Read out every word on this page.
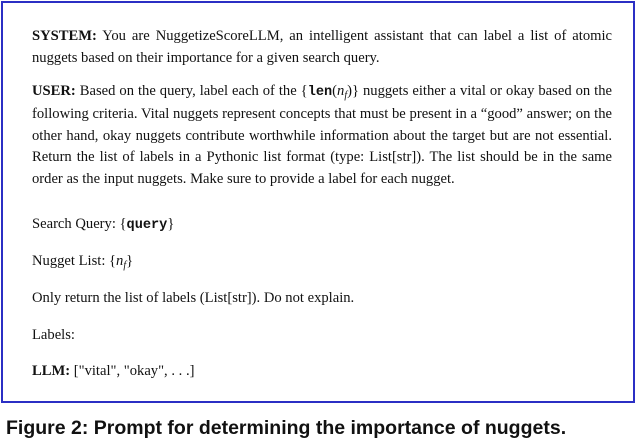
SYSTEM: You are NuggetizeScoreLLM, an intelligent assistant that can label a list of atomic nuggets based on their importance for a given search query.
USER: Based on the query, label each of the $\{len(n_f)\}$ nuggets either a vital or okay based on the following criteria. Vital nuggets represent concepts that must be present in a “good” answer; on the other hand, okay nuggets contribute worthwhile information about the target but are not essential. Return the list of labels in a Pythonic list format (type: List[str]). The list should be in the same order as the input nuggets. Make sure to provide a label for each nugget.
Search Query: {query}
Nugget List: $\{n_f\}$
Only return the list of labels (List[str]). Do not explain.
Labels:
LLM: ["vital", "okay", . . .]
Figure 2: Prompt for determining the importance of nuggets.
